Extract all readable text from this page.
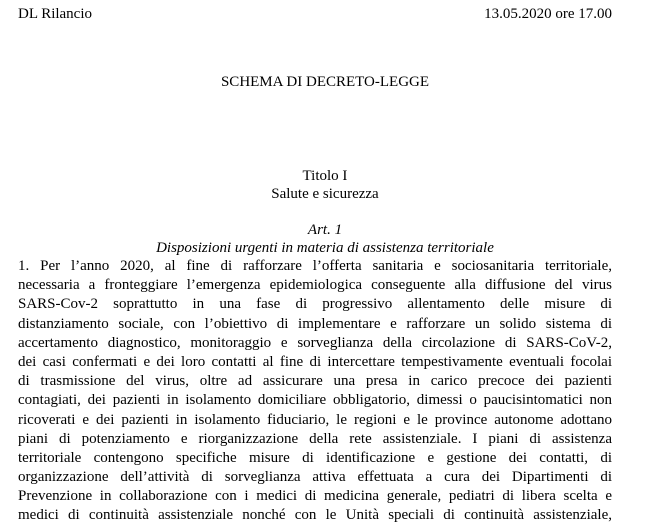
DL Rilancio	13.05.2020 ore 17.00
SCHEMA DI DECRETO-LEGGE
Titolo I
Salute e sicurezza
Art. 1
Disposizioni urgenti in materia di assistenza territoriale
1. Per l’anno 2020, al fine di rafforzare l’offerta sanitaria e sociosanitaria territoriale,
necessaria a fronteggiare l’emergenza epidemiologica conseguente alla diffusione del virus
SARS-Cov-2 soprattutto in una fase di progressivo allentamento delle misure di
distanziamento sociale, con l’obiettivo di implementare e rafforzare un solido sistema di
accertamento diagnostico, monitoraggio e sorveglianza della circolazione di SARS-CoV-2,
dei casi confermati e dei loro contatti al fine di intercettare tempestivamente eventuali focolai
di trasmissione del virus, oltre ad assicurare una presa in carico precoce dei pazienti
contagiati, dei pazienti in isolamento domiciliare obbligatorio, dimessi o paucisintomatici non
ricoverati e dei pazienti in isolamento fiduciario, le regioni e le province autonome adottano
piani di potenziamento e riorganizzazione della rete assistenziale. I piani di assistenza
territoriale contengono specifiche misure di identificazione e gestione dei contatti, di
organizzazione dell’attività di sorveglianza attiva effettuata a cura dei Dipartimenti di
Prevenzione in collaborazione con i medici di medicina generale, pediatri di libera scelta e
medici di continuità assistenziale nonché con le Unità speciali di continuità assistenziale,
